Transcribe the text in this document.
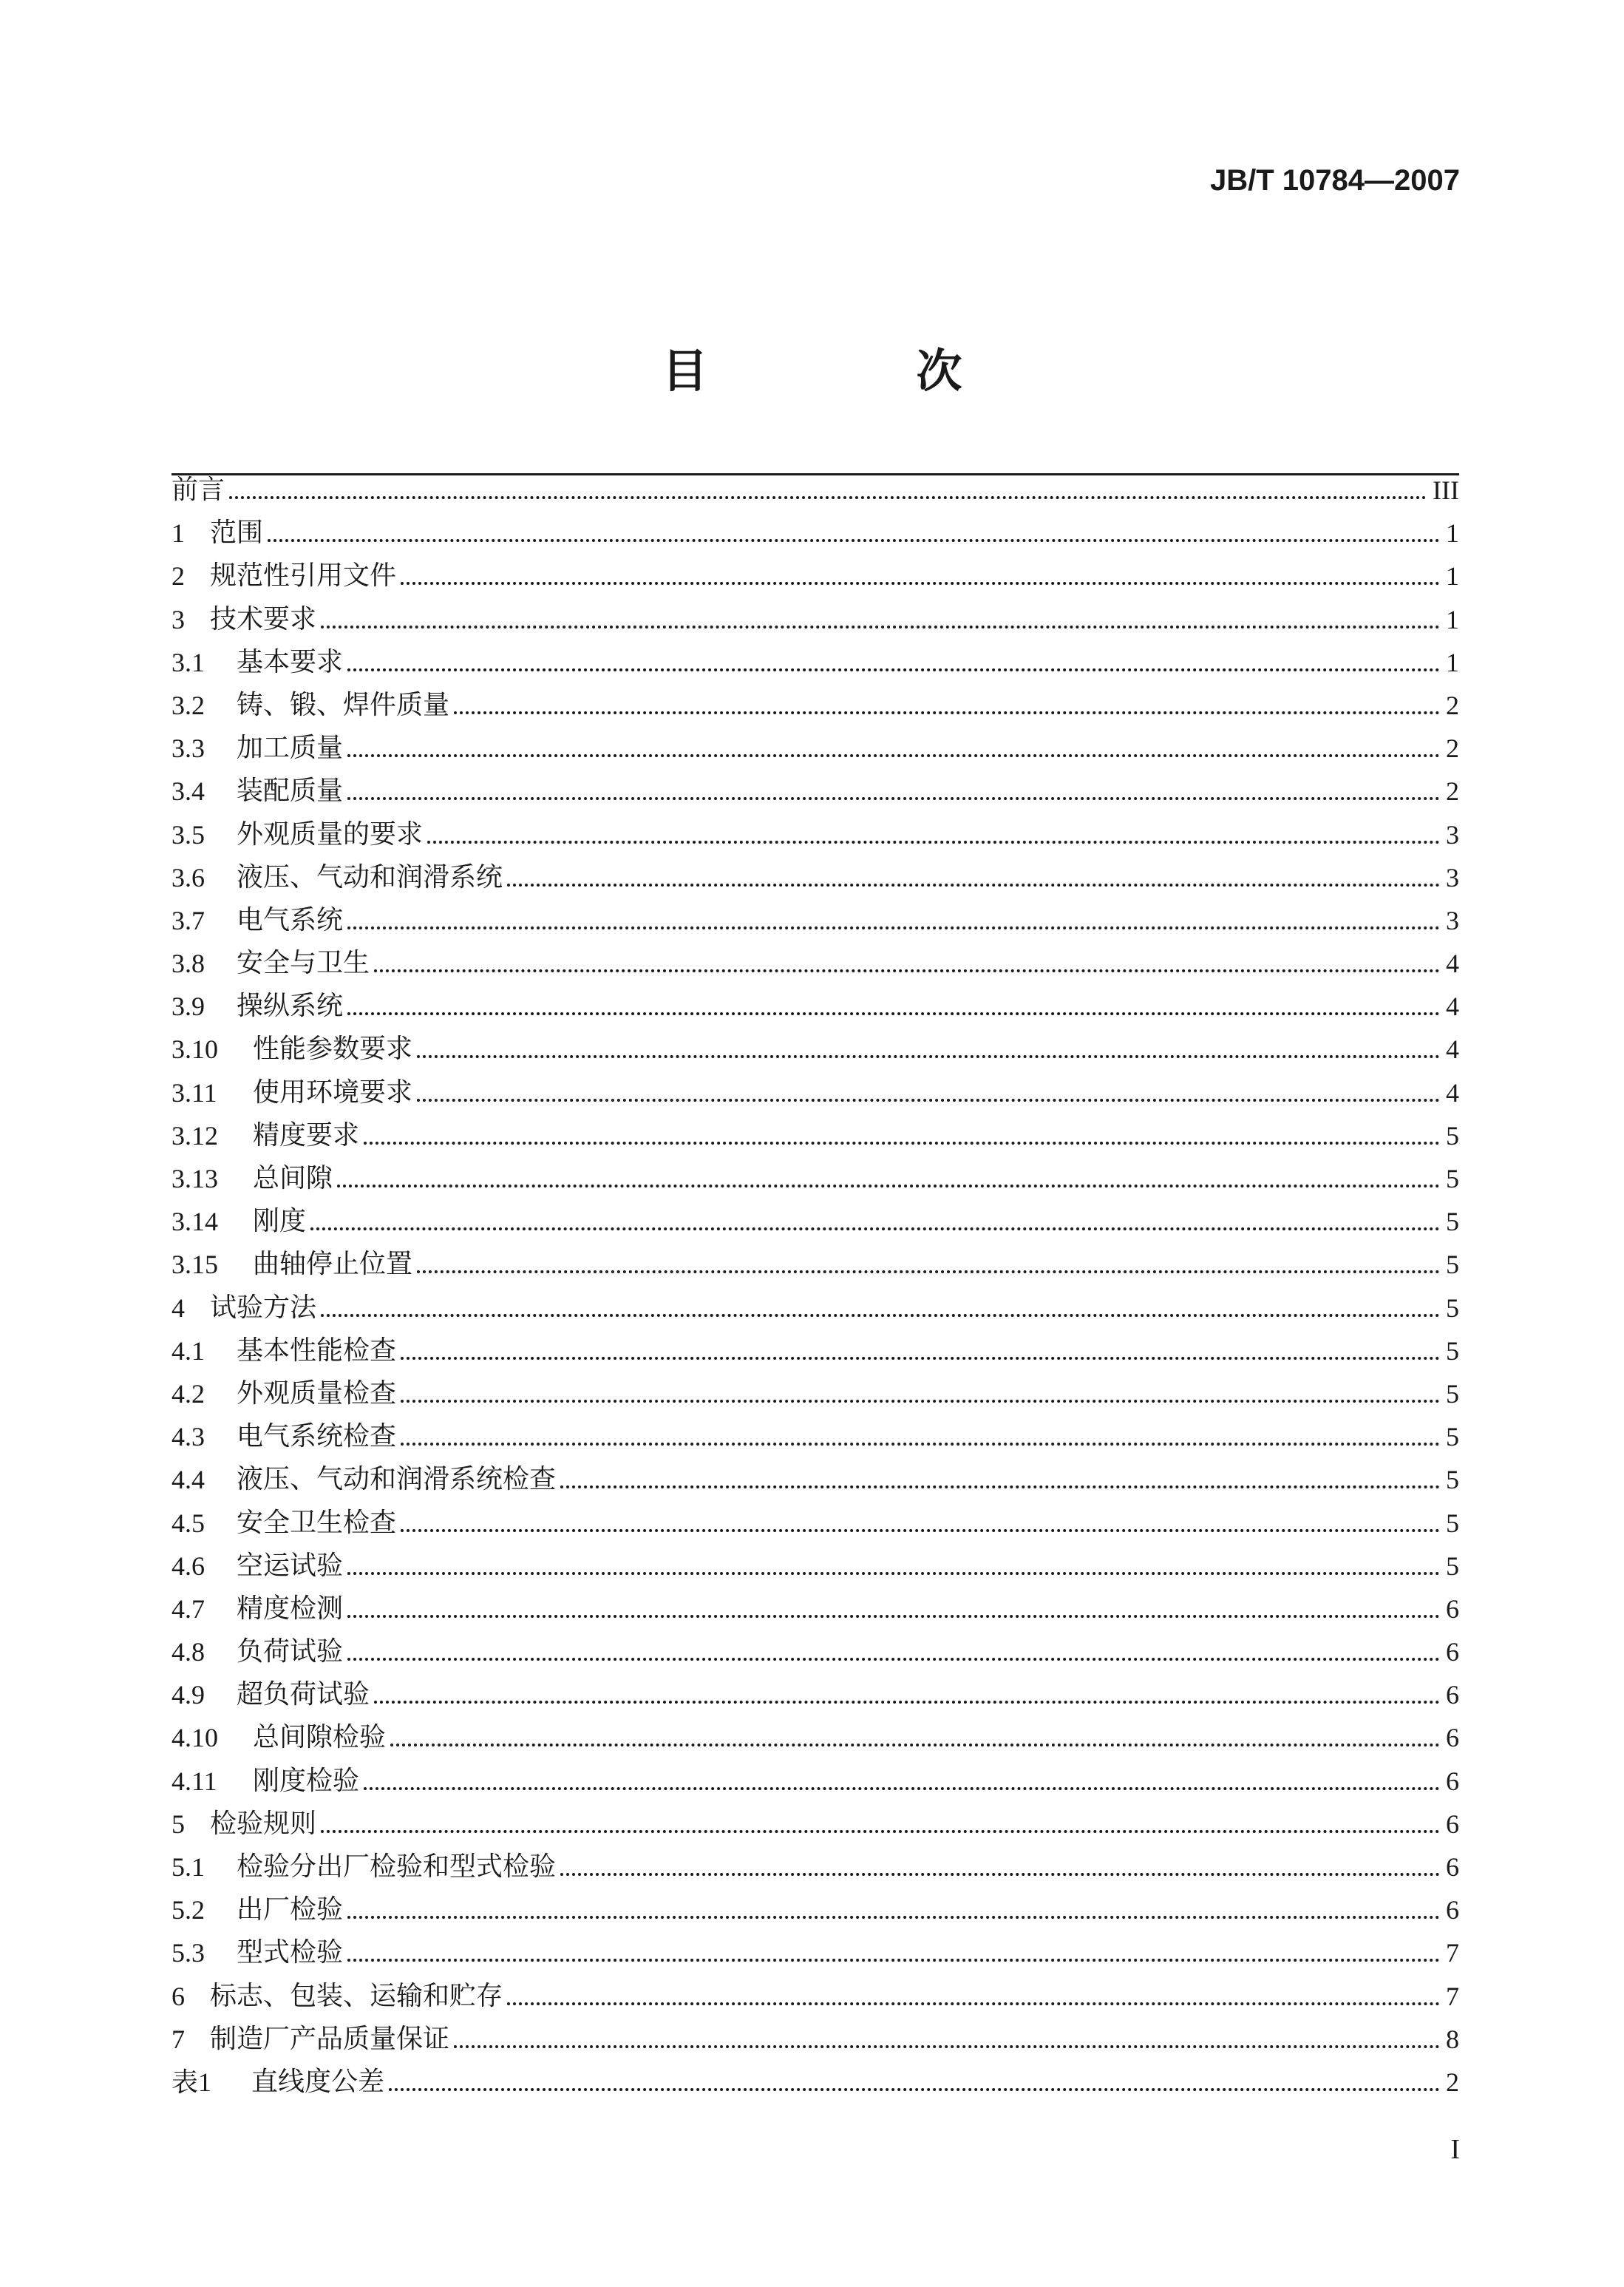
JB/T 10784—2007
目　次
前言	III
1 范围	1
2 规范性引用文件	1
3 技术要求	1
3.1	基本要求	1
3.2	铸、锻、焊件质量	2
3.3	加工质量	2
3.4	装配质量	2
3.5	外观质量的要求	3
3.6	液压、气动和润滑系统	3
3.7	电气系统	3
3.8	安全与卫生	4
3.9	操纵系统	4
3.10	性能参数要求	4
3.11	使用环境要求	4
3.12	精度要求	5
3.13	总间隙	5
3.14	刚度	5
3.15	曲轴停止位置	5
4 试验方法	5
4.1	基本性能检查	5
4.2	外观质量检查	5
4.3	电气系统检查	5
4.4	液压、气动和润滑系统检查	5
4.5	安全卫生检查	5
4.6	空运试验	5
4.7	精度检测	6
4.8	负荷试验	6
4.9	超负荷试验	6
4.10	总间隙检验	6
4.11	刚度检验	6
5 检验规则	6
5.1	检验分出厂检验和型式检验	6
5.2	出厂检验	6
5.3	型式检验	7
6 标志、包装、运输和贮存	7
7 制造厂产品质量保证	8
表1	直线度公差	2
I
